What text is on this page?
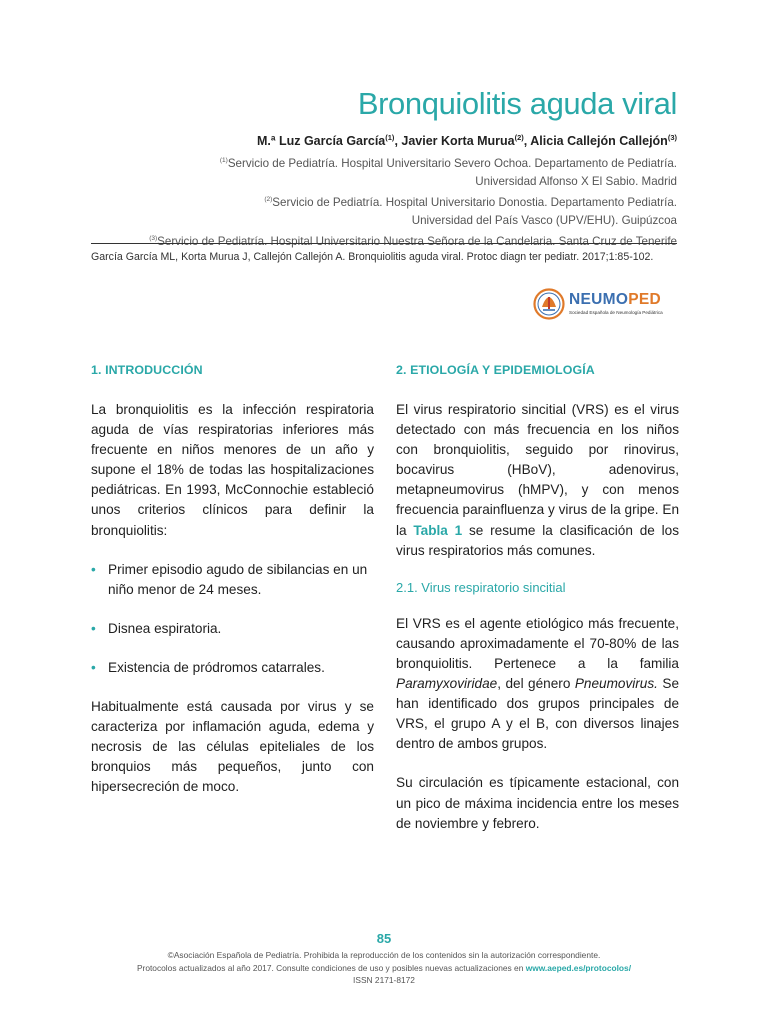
Bronquiolitis aguda viral
M.ª Luz García García$^{(1)}$, Javier Korta Murua$^{(2)}$, Alicia Callejón Callejón$^{(3)}$
$^{(1)}$Servicio de Pediatría. Hospital Universitario Severo Ochoa. Departamento de Pediatría.
Universidad Alfonso X El Sabio. Madrid
$^{(2)}$Servicio de Pediatría. Hospital Universitario Donostia. Departamento Pediatría.
Universidad del País Vasco (UPV/EHU). Guipúzcoa
$^{(3)}$Servicio de Pediatría. Hospital Universitario Nuestra Señora de la Candelaria. Santa Cruz de Tenerife
García García ML, Korta Murua J, Callejón Callejón A. Bronquiolitis aguda viral. Protoc diagn ter pediatr. 2017;1:85-102.
NEUMOPED
Sociedad Española de Neumología Pediátrica
1. INTRODUCCIÓN

La bronquiolitis es la infección respiratoria aguda de vías respiratorias inferiores más frecuente en niños menores de un año y supone el 18% de todas las hospitalizaciones pediátricas. En 1993, McConnochie estableció unos criterios clínicos para definir la bronquiolitis:

• Primer episodio agudo de sibilancias en un niño menor de 24 meses.
• Disnea espiratoria.
• Existencia de pródromos catarrales.

Habitualmente está causada por virus y se caracteriza por inflamación aguda, edema y necrosis de las células epiteliales de los bronquios más pequeños, junto con hipersecreción de moco.

2. ETIOLOGÍA Y EPIDEMIOLOGÍA

El virus respiratorio sincitial (VRS) es el virus detectado con más frecuencia en los niños con bronquiolitis, seguido por rinovirus, bocavirus (HBoV), adenovirus, metapneumovirus (hMPV), y con menos frecuencia parainfluenza y virus de la gripe. En la Tabla 1 se resume la clasificación de los virus respiratorios más comunes.

2.1. Virus respiratorio sincitial

El VRS es el agente etiológico más frecuente, causando aproximadamente el 70-80% de las bronquiolitis. Pertenece a la familia Paramyxoviridae, del género Pneumovirus. Se han identificado dos grupos principales de VRS, el grupo A y el B, con diversos linajes dentro de ambos grupos.

Su circulación es típicamente estacional, con un pico de máxima incidencia entre los meses de noviembre y febrero.

85
©Asociación Española de Pediatría. Prohibida la reproducción de los contenidos sin la autorización correspondiente.
Protocolos actualizados al año 2017. Consulte condiciones de uso y posibles nuevas actualizaciones en www.aeped.es/protocolos/
ISSN 2171-8172
